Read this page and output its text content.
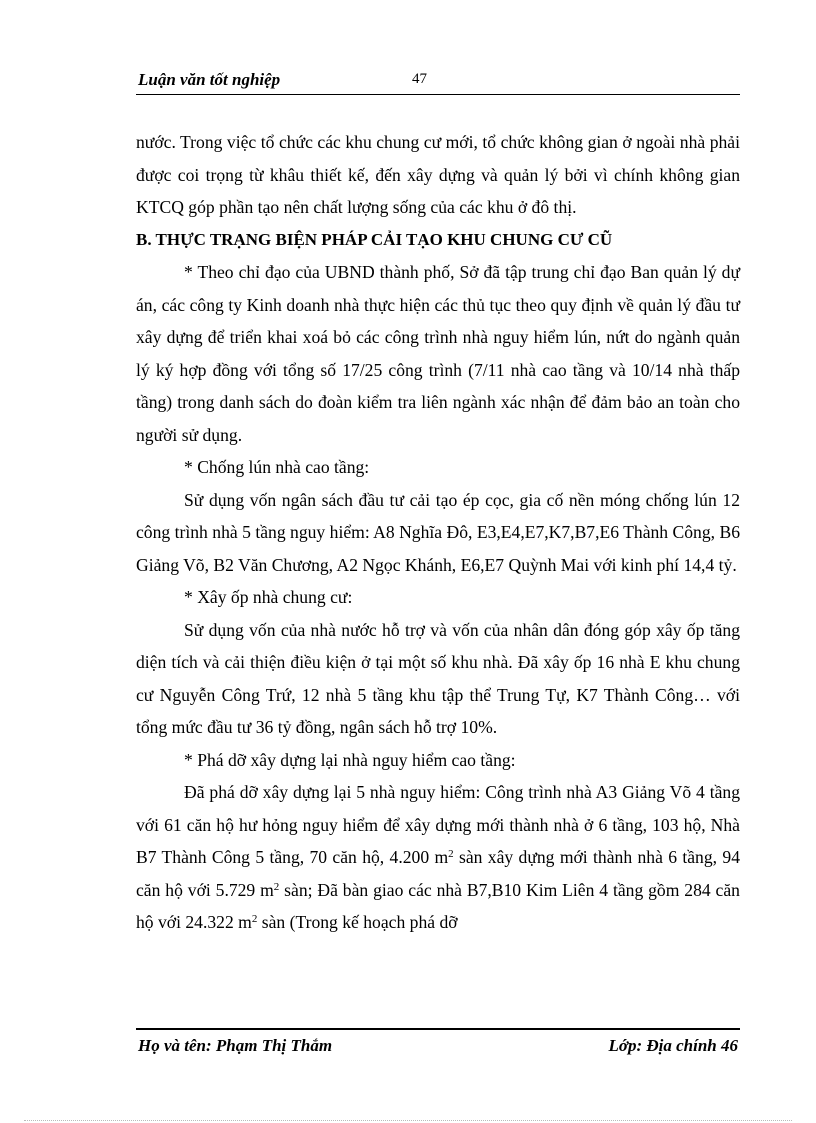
Luận văn tốt nghiệp	47

nước. Trong việc tổ chức các khu chung cư mới, tổ chức không gian ở ngoài nhà phải được coi trọng từ khâu thiết kế, đến xây dựng và quản lý bởi vì chính không gian KTCQ góp phần tạo nên chất lượng sống của các khu ở đô thị.

B. THỰC TRẠNG BIỆN PHÁP CẢI TẠO KHU CHUNG CƯ CŨ

* Theo chỉ đạo của UBND thành phố, Sở đã tập trung chỉ đạo Ban quản lý dự án, các công ty Kinh doanh nhà thực hiện các thủ tục theo quy định về quản lý đầu tư xây dựng để triển khai xoá bỏ các công trình nhà nguy hiểm lún, nứt do ngành quản lý ký hợp đồng với tổng số 17/25 công trình (7/11 nhà cao tầng và 10/14 nhà thấp tầng) trong danh sách do đoàn kiểm tra liên ngành xác nhận để đảm bảo an toàn cho người sử dụng.

* Chống lún nhà cao tầng:

Sử dụng vốn ngân sách đầu tư cải tạo ép cọc, gia cố nền móng chống lún 12 công trình nhà 5 tầng nguy hiểm: A8 Nghĩa Đô, E3,E4,E7,K7,B7,E6 Thành Công, B6 Giảng Võ, B2 Văn Chương, A2 Ngọc Khánh, E6,E7 Quỳnh Mai với kinh phí 14,4 tỷ.

* Xây ốp nhà chung cư:

Sử dụng vốn của nhà nước hỗ trợ và vốn của nhân dân đóng góp xây ốp tăng diện tích và cải thiện điều kiện ở tại một số khu nhà. Đã xây ốp 16 nhà E khu chung cư Nguyễn Công Trứ, 12 nhà 5 tầng khu tập thể Trung Tự, K7 Thành Công… với tổng mức đầu tư 36 tỷ đồng, ngân sách hỗ trợ 10%.

* Phá dỡ xây dựng lại nhà nguy hiểm cao tầng:

Đã phá dỡ xây dựng lại 5 nhà nguy hiểm: Công trình nhà A3 Giảng Võ 4 tầng với 61 căn hộ hư hỏng nguy hiểm để xây dựng mới thành nhà ở 6 tầng, 103 hộ, Nhà B7 Thành Công 5 tầng, 70 căn hộ, 4.200 $m^2$ sàn xây dựng mới thành nhà 6 tầng, 94 căn hộ với 5.729 $m^2$ sàn; Đã bàn giao các nhà B7,B10 Kim Liên 4 tầng gồm 284 căn hộ với 24.322 $m^2$ sàn (Trong kế hoạch phá dỡ

Họ và tên: Phạm Thị Thắm	Lớp: Địa chính 46
